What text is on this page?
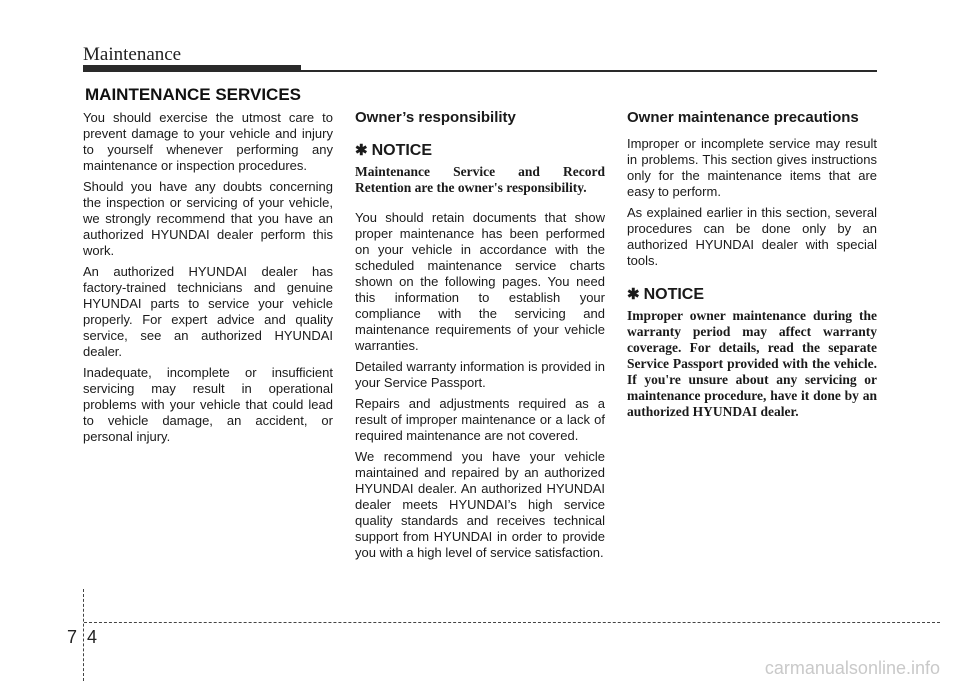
Maintenance
MAINTENANCE SERVICES

You should exercise the utmost care to prevent damage to your vehicle and injury to yourself whenever performing any maintenance or inspection procedures.

Should you have any doubts concerning the inspection or servicing of your vehicle, we strongly recommend that you have an authorized HYUNDAI dealer perform this work.

An authorized HYUNDAI dealer has factory-trained technicians and genuine HYUNDAI parts to service your vehicle properly. For expert advice and quality service, see an authorized HYUNDAI dealer.

Inadequate, incomplete or insufficient servicing may result in operational problems with your vehicle that could lead to vehicle damage, an accident, or personal injury.

Owner’s responsibility
✱ NOTICE
Maintenance Service and Record Retention are the owner's responsibility.

You should retain documents that show proper maintenance has been performed on your vehicle in accordance with the scheduled maintenance service charts shown on the following pages. You need this information to establish your compliance with the servicing and maintenance requirements of your vehicle warranties.

Detailed warranty information is provided in your Service Passport.

Repairs and adjustments required as a result of improper maintenance or a lack of required maintenance are not covered.

We recommend you have your vehicle maintained and repaired by an authorized HYUNDAI dealer. An authorized HYUNDAI dealer meets HYUNDAI’s high service quality standards and receives technical support from HYUNDAI in order to provide you with a high level of service satisfaction.

Owner maintenance precautions

Improper or incomplete service may result in problems. This section gives instructions only for the maintenance items that are easy to perform.

As explained earlier in this section, several procedures can be done only by an authorized HYUNDAI dealer with special tools.

✱ NOTICE
Improper owner maintenance during the warranty period may affect warranty coverage. For details, read the separate Service Passport provided with the vehicle. If you're unsure about any servicing or maintenance procedure, have it done by an authorized HYUNDAI dealer.
7 4
carmanualsonline.info
